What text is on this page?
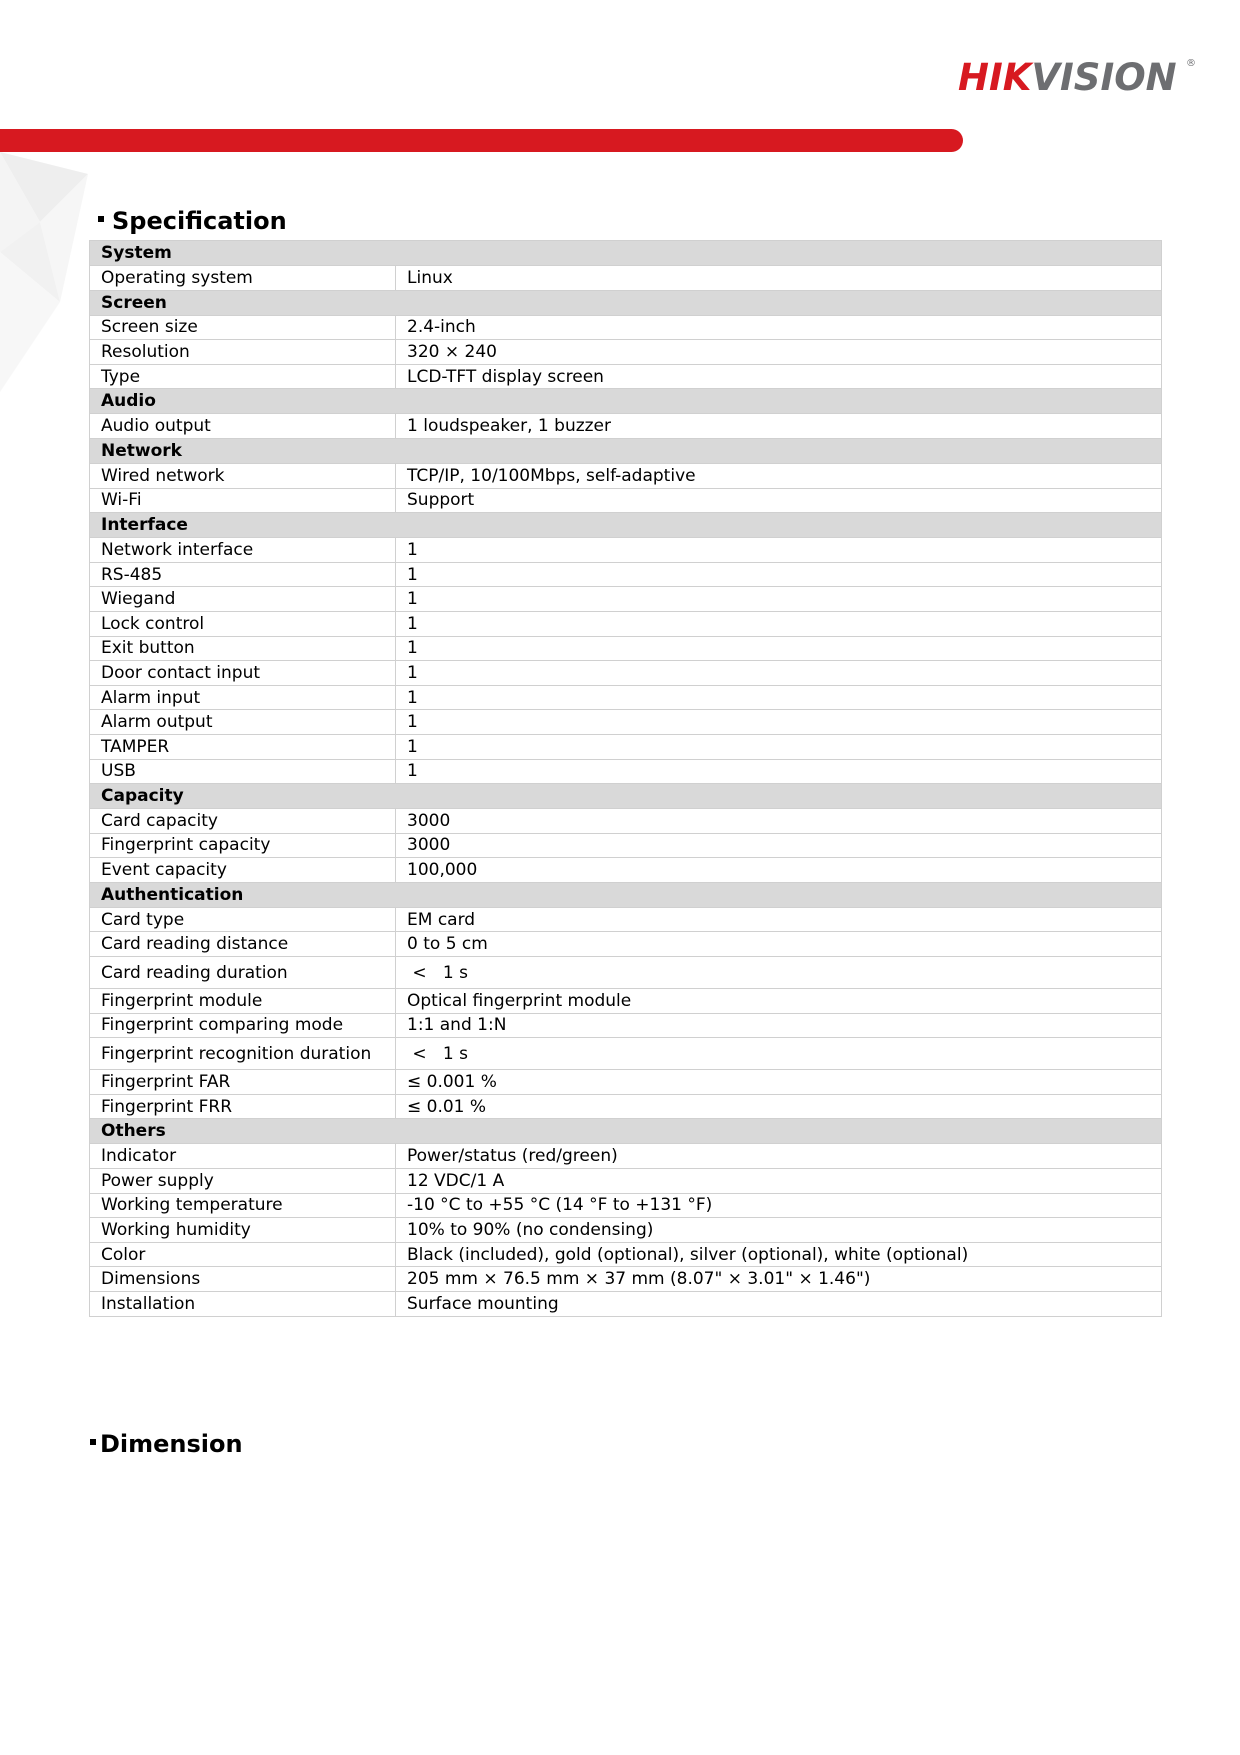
HIKVISION ®
Specification
System	
Operating system	Linux
Screen	
Screen size	2.4-inch
Resolution	320 × 240
Type	LCD-TFT display screen
Audio	
Audio output	1 loudspeaker, 1 buzzer
Network	
Wired network	TCP/IP, 10/100Mbps, self-adaptive
Wi-Fi	Support
Interface	
Network interface	1
RS-485	1
Wiegand	1
Lock control	1
Exit button	1
Door contact input	1
Alarm input	1
Alarm output	1
TAMPER	1
USB	1
Capacity	
Card capacity	3000
Fingerprint capacity	3000
Event capacity	100,000
Authentication	
Card type	EM card
Card reading distance	0 to 5 cm
Card reading duration	<   1 s
Fingerprint module	Optical fingerprint module
Fingerprint comparing mode	1:1 and 1:N
Fingerprint recognition duration	<   1 s
Fingerprint FAR	≤ 0.001 %
Fingerprint FRR	≤ 0.01 %
Others	
Indicator	Power/status (red/green)
Power supply	12 VDC/1 A
Working temperature	-10 °C to +55 °C (14 °F to +131 °F)
Working humidity	10% to 90% (no condensing)
Color	Black (included), gold (optional), silver (optional), white (optional)
Dimensions	205 mm × 76.5 mm × 37 mm (8.07" × 3.01" × 1.46")
Installation	Surface mounting
Dimension
